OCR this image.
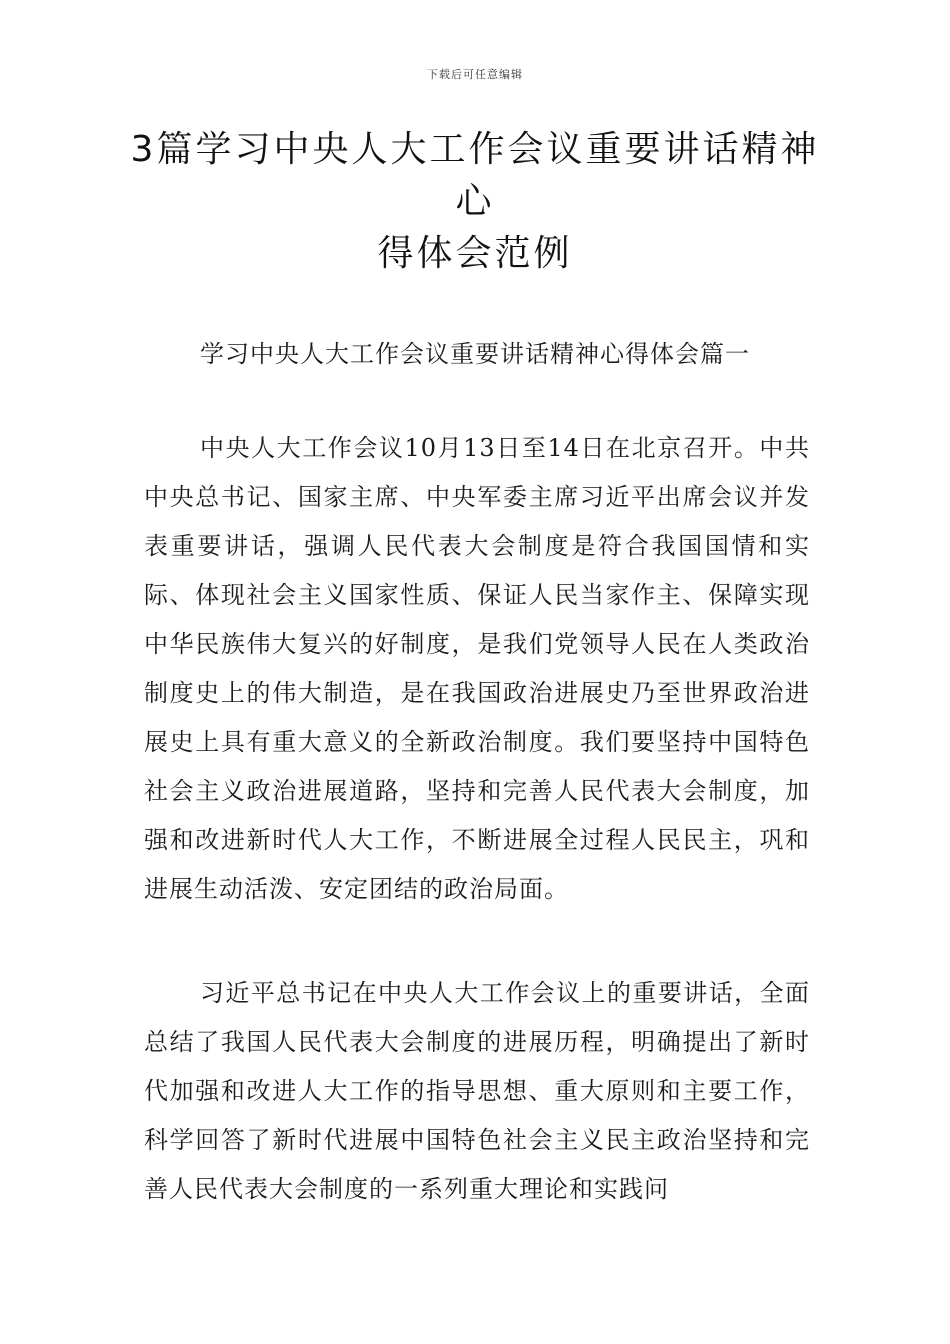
下载后可任意编辑
3篇学习中央人大工作会议重要讲话精神心
得体会范例
学习中央人大工作会议重要讲话精神心得体会篇一

中央人大工作会议10月13日至14日在北京召开。中共中央总书记、国家主席、中央军委主席习近平出席会议并发表重要讲话，强调人民代表大会制度是符合我国国情和实际、体现社会主义国家性质、保证人民当家作主、保障实现中华民族伟大复兴的好制度，是我们党领导人民在人类政治制度史上的伟大制造，是在我国政治进展史乃至世界政治进展史上具有重大意义的全新政治制度。我们要坚持中国特色社会主义政治进展道路，坚持和完善人民代表大会制度，加强和改进新时代人大工作，不断进展全过程人民民主，巩和进展生动活泼、安定团结的政治局面。

习近平总书记在中央人大工作会议上的重要讲话，全面总结了我国人民代表大会制度的进展历程，明确提出了新时代加强和改进人大工作的指导思想、重大原则和主要工作，科学回答了新时代进展中国特色社会主义民主政治坚持和完善人民代表大会制度的一系列重大理论和实践问
